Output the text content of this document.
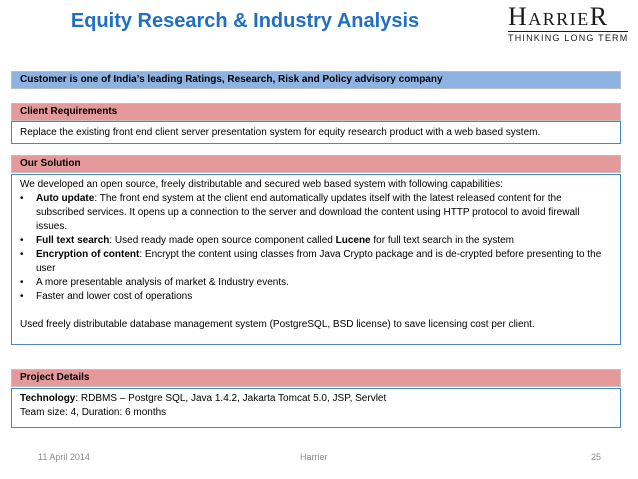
Equity Research & Industry Analysis	HARRIER
THINKING LONG TERM
Customer is one of India’s leading Ratings, Research, Risk and Policy advisory company
Client Requirements
Replace the existing front end client server presentation system for equity research product with a web based system.
Our Solution
We developed an open source, freely distributable and secured web based system with following capabilities:
• Auto update: The front end system at the client end automatically updates itself with the latest released content for the subscribed services. It opens up a connection to the server and download the content using HTTP protocol to avoid firewall issues.
• Full text search: Used ready made open source component called Lucene for full text search in the system
• Encryption of content: Encrypt the content using classes from Java Crypto package and is de-crypted before presenting to the user
• A more presentable analysis of market & Industry events.
• Faster and lower cost of operations
Used freely distributable database management system (PostgreSQL, BSD license) to save licensing cost per client.
Project Details
Technology: RDBMS – Postgre SQL, Java 1.4.2, Jakarta Tomcat 5.0, JSP, Servlet
Team size: 4, Duration: 6 months
11 April 2014	Harrier	25
